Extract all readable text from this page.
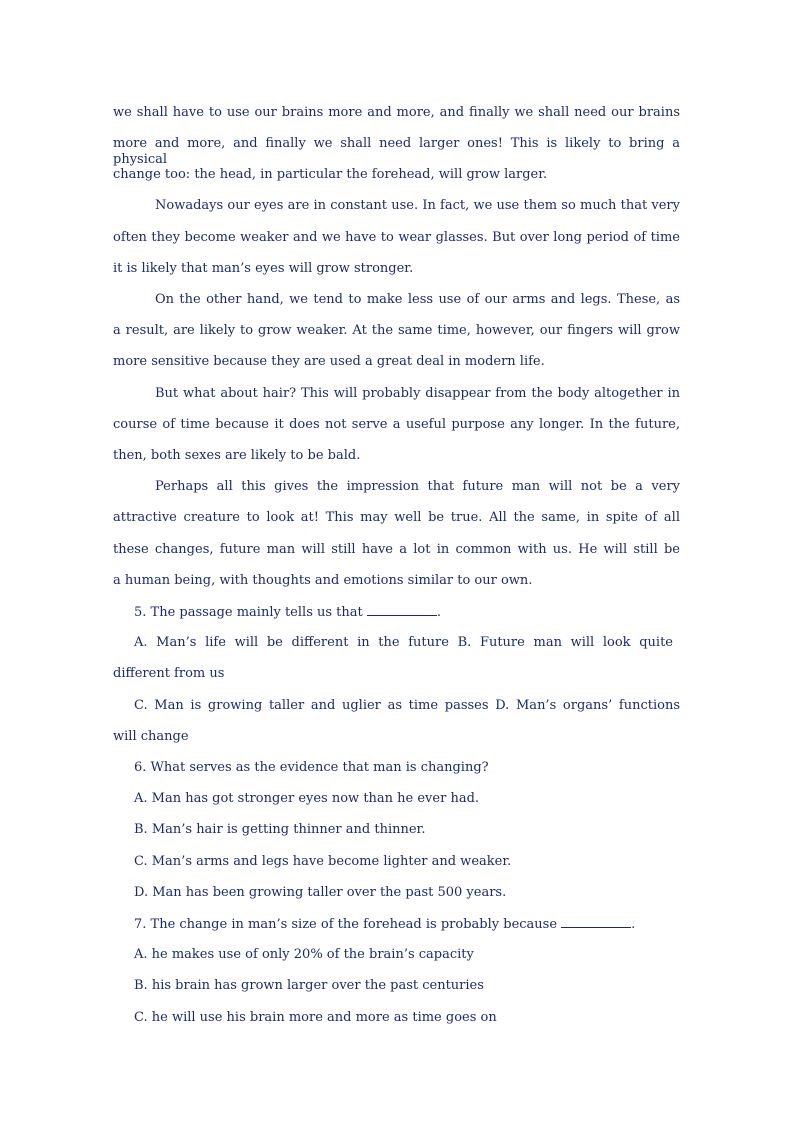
we shall have to use our brains more and more, and finally we shall need our brains
more and more, and finally we shall need larger ones! This is likely to bring a physical
change too: the head, in particular the forehead, will grow larger.
Nowadays our eyes are in constant use. In fact, we use them so much that very
often they become weaker and we have to wear glasses. But over long period of time
it is likely that man’s eyes will grow stronger.
On the other hand, we tend to make less use of our arms and legs. These, as
a result, are likely to grow weaker. At the same time, however, our fingers will grow
more sensitive because they are used a great deal in modern life.
But what about hair? This will probably disappear from the body altogether in
course of time because it does not serve a useful purpose any longer. In the future,
then, both sexes are likely to be bald.
Perhaps all this gives the impression that future man will not be a very
attractive creature to look at! This may well be true. All the same, in spite of all
these changes, future man will still have a lot in common with us. He will still be
a human being, with thoughts and emotions similar to our own.
5. The passage mainly tells us that	.
A. Man’s life will be different in the future B. Future man will look quite
different from us
C. Man is growing taller and uglier as time passes D. Man’s organs’ functions
will change
6. What serves as the evidence that man is changing?
A. Man has got stronger eyes now than he ever had.
B. Man’s hair is getting thinner and thinner.
C. Man’s arms and legs have become lighter and weaker.
D. Man has been growing taller over the past 500 years.
7. The change in man’s size of the forehead is probably because	.
A. he makes use of only 20% of the brain’s capacity
B. his brain has grown larger over the past centuries
C. he will use his brain more and more as time goes on
